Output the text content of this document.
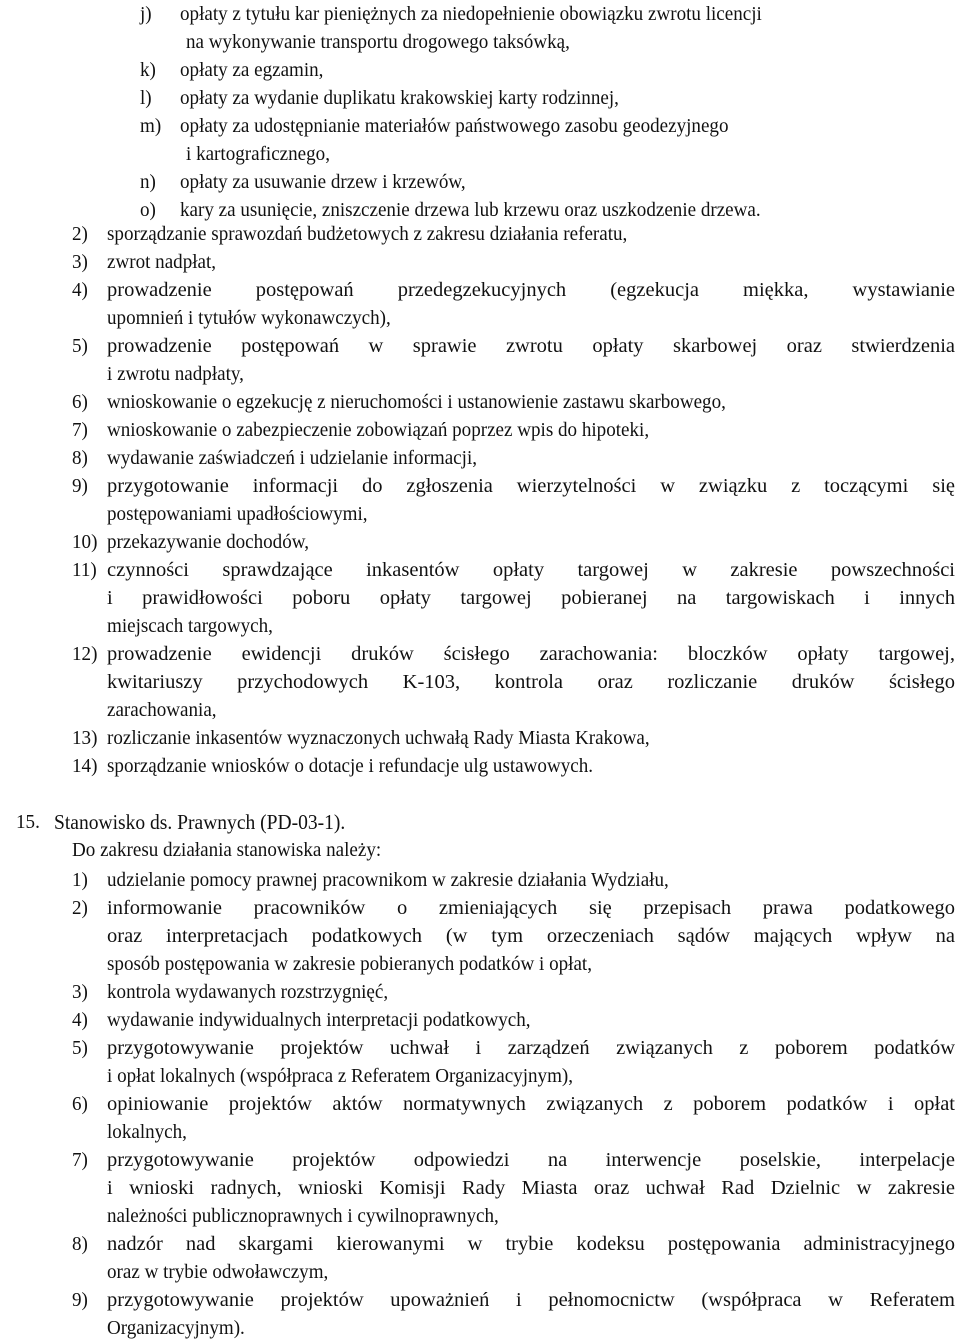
j) opłaty z tytułu kar pieniężnych za niedopełnienie obowiązku zwrotu licencji
na wykonywanie transportu drogowego taksówką,
k) opłaty za egzamin,
l) opłaty za wydanie duplikatu krakowskiej karty rodzinnej,
m) opłaty za udostępnianie materiałów państwowego zasobu geodezyjnego
i kartograficznego,
n) opłaty za usuwanie drzew i krzewów,
o) kary za usunięcie, zniszczenie drzewa lub krzewu oraz uszkodzenie drzewa.
2) sporządzanie sprawozdań budżetowych z zakresu działania referatu,
3) zwrot nadpłat,
4) prowadzenie postępowań przedegzekucyjnych (egzekucja miękka, wystawianie
upomnień i tytułów wykonawczych),
5) prowadzenie postępowań w sprawie zwrotu opłaty skarbowej oraz stwierdzenia
i zwrotu nadpłaty,
6) wnioskowanie o egzekucję z nieruchomości i ustanowienie zastawu skarbowego,
7) wnioskowanie o zabezpieczenie zobowiązań poprzez wpis do hipoteki,
8) wydawanie zaświadczeń i udzielanie informacji,
9) przygotowanie informacji do zgłoszenia wierzytelności w związku z toczącymi się
postępowaniami upadłościowymi,
10) przekazywanie dochodów,
11) czynności sprawdzające inkasentów opłaty targowej w zakresie powszechności
i prawidłowości poboru opłaty targowej pobieranej na targowiskach i innych
miejscach targowych,
12) prowadzenie ewidencji druków ścisłego zarachowania: bloczków opłaty targowej,
kwitariuszy przychodowych K-103, kontrola oraz rozliczanie druków ścisłego
zarachowania,
13) rozliczanie inkasentów wyznaczonych uchwałą Rady Miasta Krakowa,
14) sporządzanie wniosków o dotacje i refundacje ulg ustawowych.
15. Stanowisko ds. Prawnych (PD-03-1).
Do zakresu działania stanowiska należy:
1) udzielanie pomocy prawnej pracownikom w zakresie działania Wydziału,
2) informowanie pracowników o zmieniających się przepisach prawa podatkowego
oraz interpretacjach podatkowych (w tym orzeczeniach sądów mających wpływ na
sposób postępowania w zakresie pobieranych podatków i opłat,
3) kontrola wydawanych rozstrzygnięć,
4) wydawanie indywidualnych interpretacji podatkowych,
5) przygotowywanie projektów uchwał i zarządzeń związanych z poborem podatków
i opłat lokalnych (współpraca z Referatem Organizacyjnym),
6) opiniowanie projektów aktów normatywnych związanych z poborem podatków i opłat
lokalnych,
7) przygotowywanie projektów odpowiedzi na interwencje poselskie, interpelacje
i wnioski radnych, wnioski Komisji Rady Miasta oraz uchwał Rad Dzielnic w zakresie
należności publicznoprawnych i cywilnoprawnych,
8) nadzór nad skargami kierowanymi w trybie kodeksu postępowania administracyjnego
oraz w trybie odwoławczym,
9) przygotowywanie projektów upoważnień i pełnomocnictw (współpraca w Referatem
Organizacyjnym).
